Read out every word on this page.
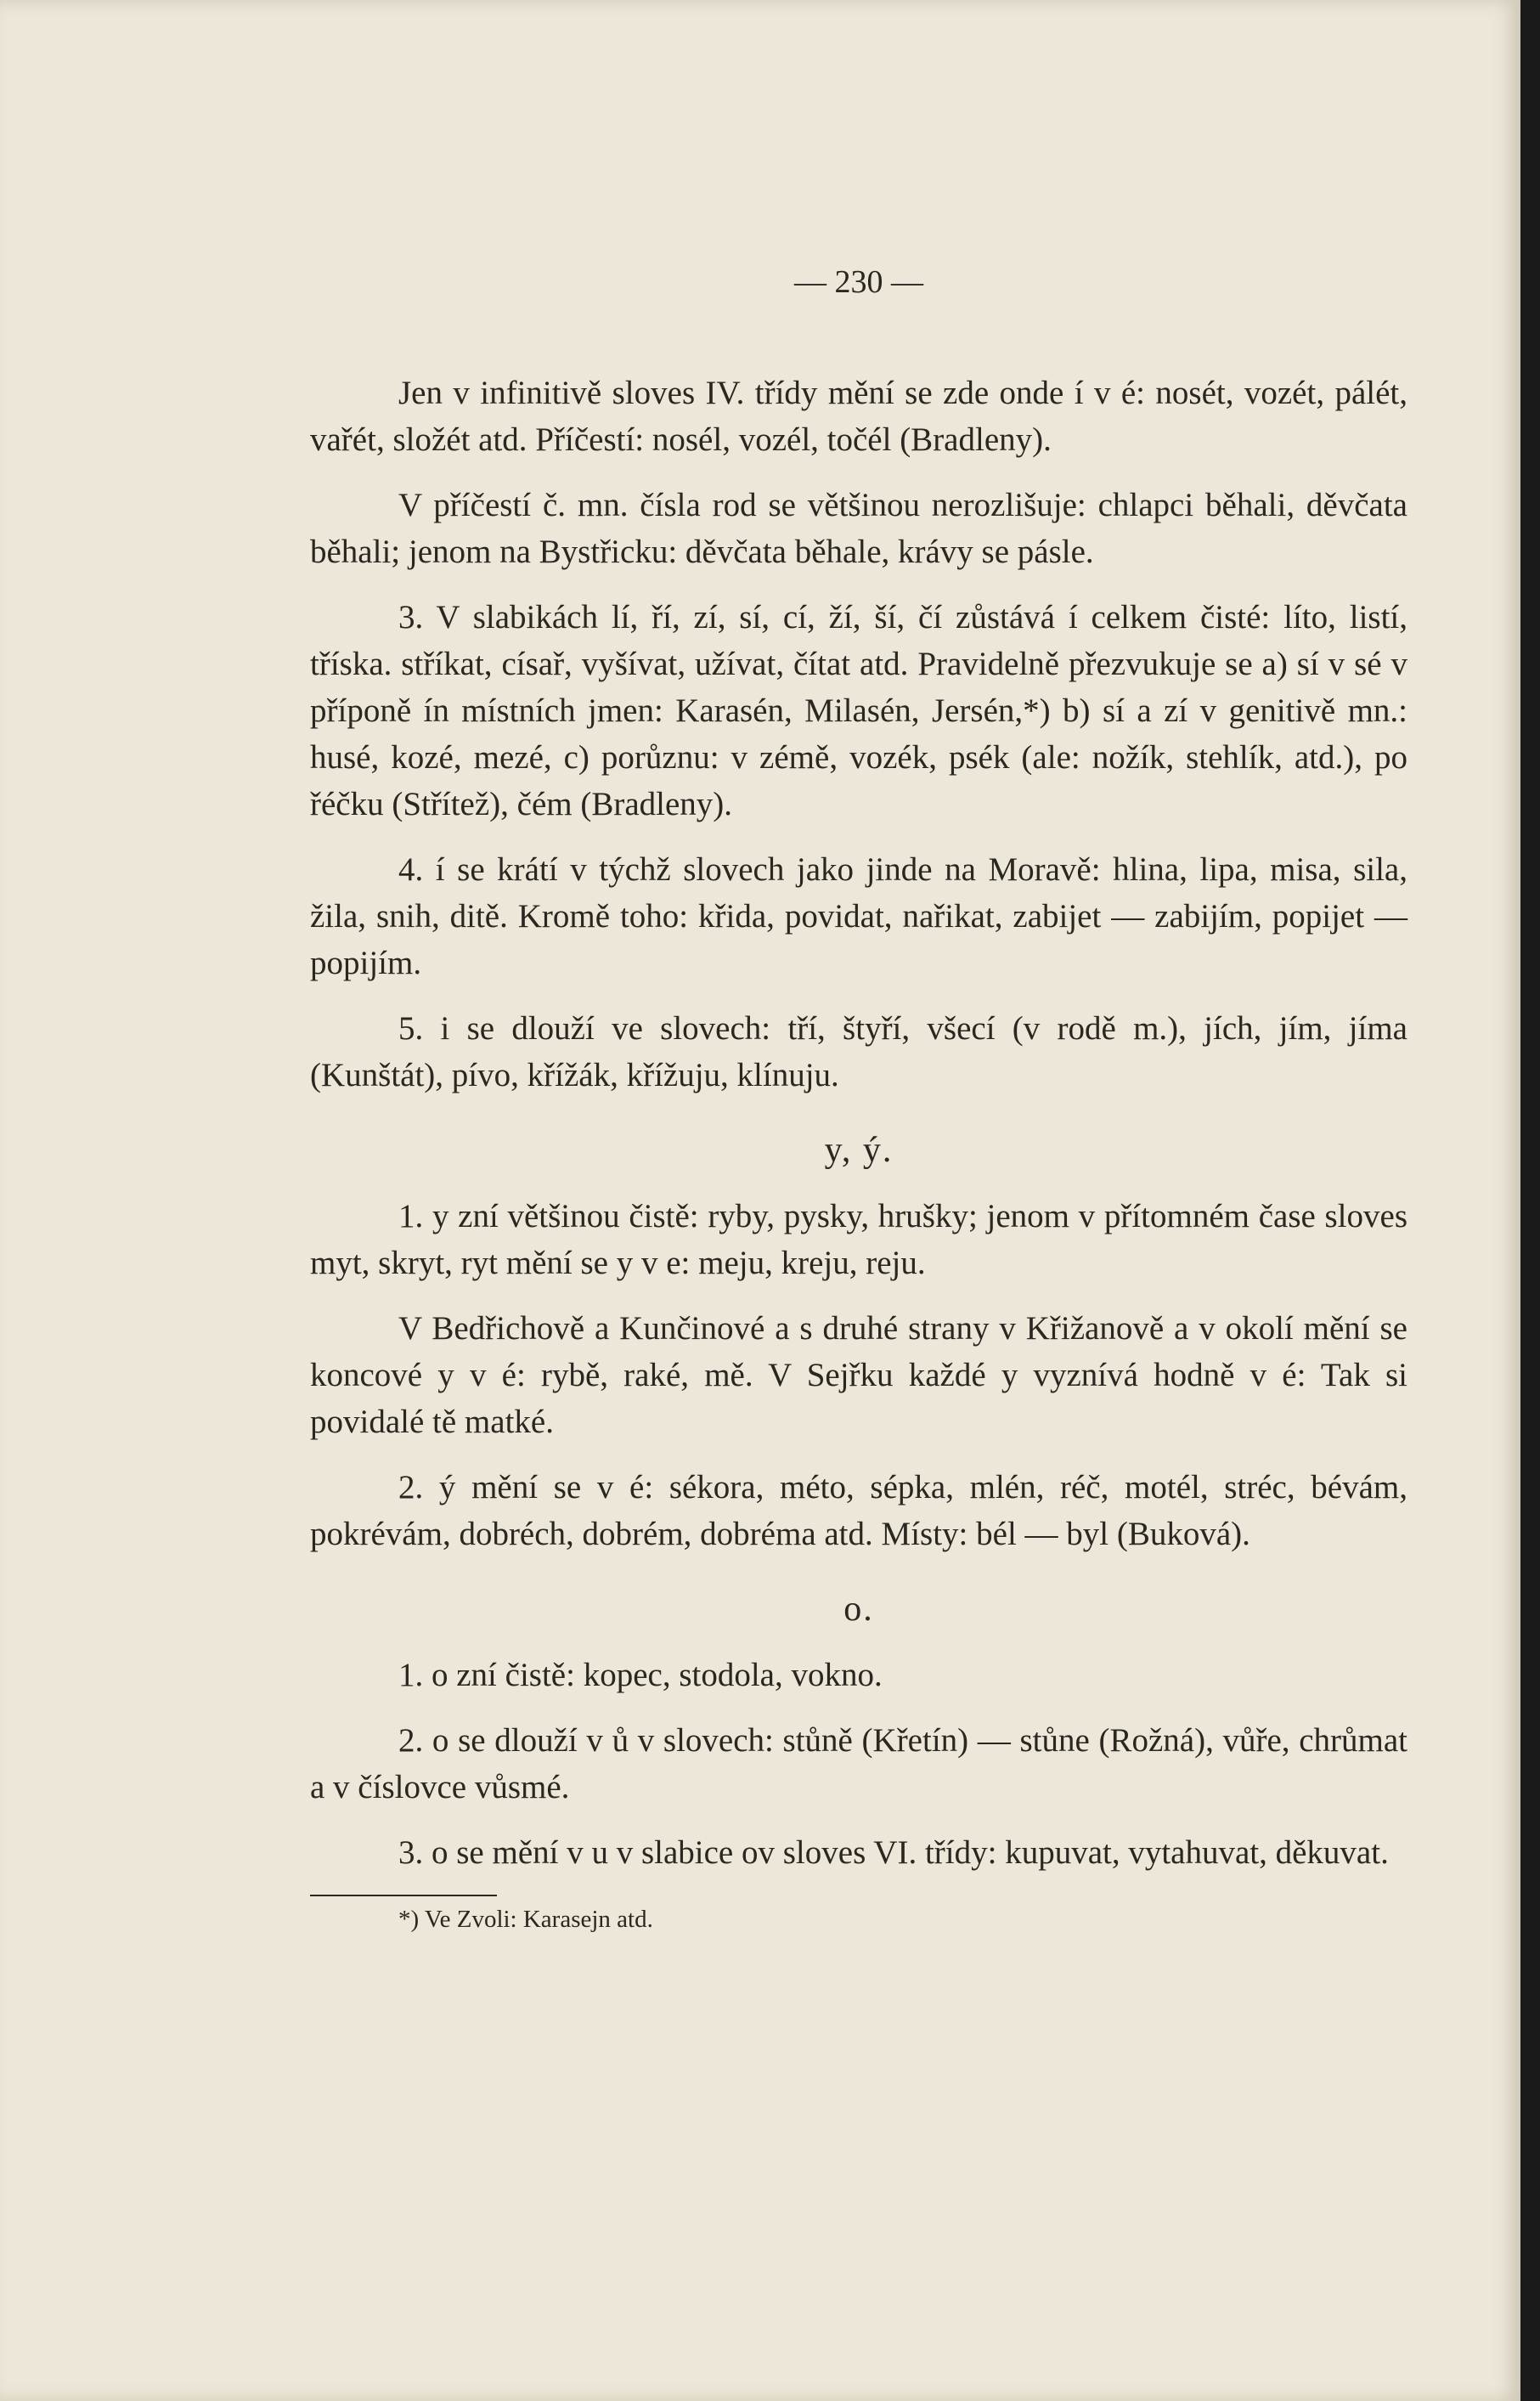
— 230 —

Jen v infinitivě sloves IV. třídy mění se zde onde í v é: nosét, vozét, pálét, vařét, složét atd. Příčestí: nosél, vozél, točél (Bradleny).

V příčestí č. mn. čísla rod se většinou nerozlišuje: chlapci běhali, děvčata běhali; jenom na Bystřicku: děvčata běhale, krávy se pásle.

3. V slabikách lí, ří, zí, sí, cí, ží, ší, čí zůstává í celkem čisté: líto, listí, tříska. stříkat, císař, vyšívat, užívat, čítat atd. Pravidelně přezvukuje se a) sí v sé v příponě ín místních jmen: Karasén, Milasén, Jersén,*) b) sí a zí v genitivě mn.: husé, kozé, mezé, c) porůznu: v zémě, vozék, psék (ale: nožík, stehlík, atd.), po řéčku (Střítež), čém (Bradleny).

4. í se krátí v týchž slovech jako jinde na Moravě: hlina, lipa, misa, sila, žila, snih, ditě. Kromě toho: křida, povidat, nařikat, zabijet — zabijím, popijet — popijím.

5. i se dlouží ve slovech: tří, štyří, všecí (v rodě m.), jích, jím, jíma (Kunštát), pívo, křížák, křížuju, klínuju.

y, ý.

1. y zní většinou čistě: ryby, pysky, hrušky; jenom v přítomném čase sloves myt, skryt, ryt mění se y v e: meju, kreju, reju.

V Bedřichově a Kunčinové a s druhé strany v Křižanově a v okolí mění se koncové y v é: rybě, raké, mě. V Sejřku každé y vyznívá hodně v é: Tak si povidalé tě matké.

2. ý mění se v é: sékora, méto, sépka, mlén, réč, motél, stréc, bévám, pokrévám, dobréch, dobrém, dobréma atd. Místy: bél — byl (Buková).

o.

1. o zní čistě: kopec, stodola, vokno.

2. o se dlouží v ů v slovech: stůně (Křetín) — stůne (Rožná), vůře, chrůmat a v číslovce vůsmé.

3. o se mění v u v slabice ov sloves VI. třídy: kupuvat, vytahuvat, děkuvat.

*) Ve Zvoli: Karasejn atd.
